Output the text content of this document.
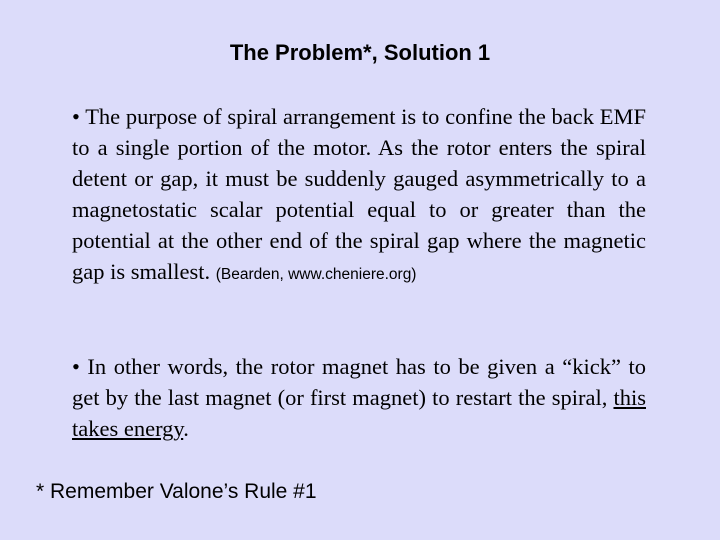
The Problem*, Solution 1
• The purpose of spiral arrangement is to confine the back EMF to a single portion of the motor. As the rotor enters the spiral detent or gap, it must be suddenly gauged asymmetrically to a magnetostatic scalar potential equal to or greater than the potential at the other end of the spiral gap where the magnetic gap is smallest. (Bearden, www.cheniere.org)
• In other words, the rotor magnet has to be given a “kick” to get by the last magnet (or first magnet) to restart the spiral, this takes energy.
* Remember Valone’s Rule #1
